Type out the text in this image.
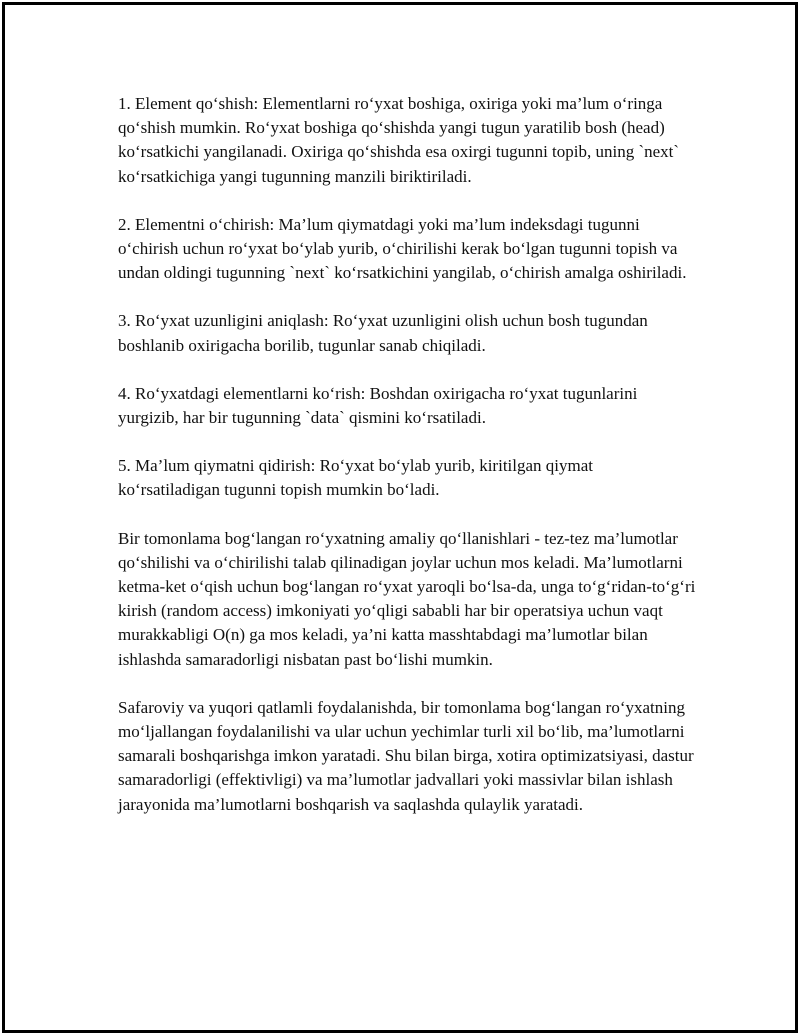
1. Element qo‘shish: Elementlarni ro‘yxat boshiga, oxiriga yoki ma’lum o‘ringa qo‘shish mumkin. Ro‘yxat boshiga qo‘shishda yangi tugun yaratilib bosh (head) ko‘rsatkichi yangilanadi. Oxiriga qo‘shishda esa oxirgi tugunni topib, uning `next` ko‘rsatkichiga yangi tugunning manzili biriktiriladi.

2. Elementni o‘chirish: Ma’lum qiymatdagi yoki ma’lum indeksdagi tugunni o‘chirish uchun ro‘yxat bo‘ylab yurib, o‘chirilishi kerak bo‘lgan tugunni topish va undan oldingi tugunning `next` ko‘rsatkichini yangilab, o‘chirish amalga oshiriladi.

3. Ro‘yxat uzunligini aniqlash: Ro‘yxat uzunligini olish uchun bosh tugundan boshlanib oxirigacha borilib, tugunlar sanab chiqiladi.

4. Ro‘yxatdagi elementlarni ko‘rish: Boshdan oxirigacha ro‘yxat tugunlarini yurgizib, har bir tugunning `data` qismini ko‘rsatiladi.

5. Ma’lum qiymatni qidirish: Ro‘yxat bo‘ylab yurib, kiritilgan qiymat ko‘rsatiladigan tugunni topish mumkin bo‘ladi.

Bir tomonlama bog‘langan ro‘yxatning amaliy qo‘llanishlari - tez-tez ma’lumotlar qo‘shilishi va o‘chirilishi talab qilinadigan joylar uchun mos keladi. Ma’lumotlarni ketma-ket o‘qish uchun bog‘langan ro‘yxat yaroqli bo‘lsa-da, unga to‘g‘ridan-to‘g‘ri kirish (random access) imkoniyati yo‘qligi sababli har bir operatsiya uchun vaqt murakkabligi O(n) ga mos keladi, ya’ni katta masshtabdagi ma’lumotlar bilan ishlashda samaradorligi nisbatan past bo‘lishi mumkin.

Safaroviy va yuqori qatlamli foydalanishda, bir tomonlama bog‘langan ro‘yxatning mo‘ljallangan foydalanilishi va ular uchun yechimlar turli xil bo‘lib, ma’lumotlarni samarali boshqarishga imkon yaratadi. Shu bilan birga, xotira optimizatsiyasi, dastur samaradorligi (effektivligi) va ma’lumotlar jadvallari yoki massivlar bilan ishlash jarayonida ma’lumotlarni boshqarish va saqlashda qulaylik yaratadi.
